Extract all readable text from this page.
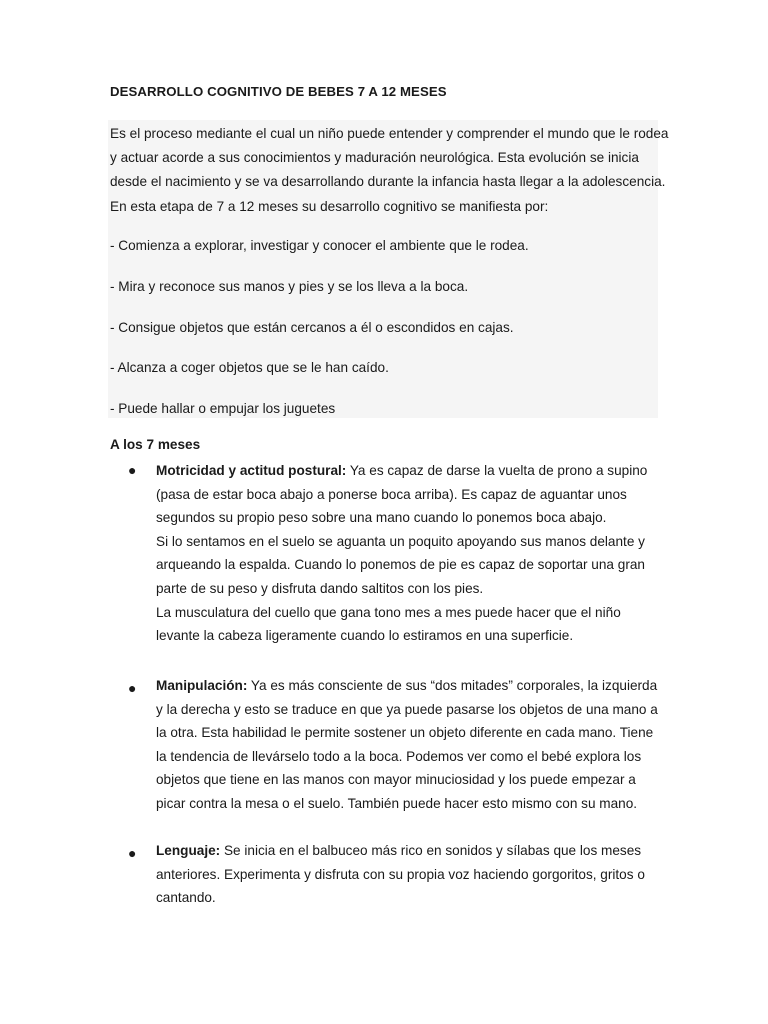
DESARROLLO COGNITIVO DE BEBES 7 A 12 MESES

Es el proceso mediante el cual un niño puede entender y comprender el mundo que le rodea y actuar acorde a sus conocimientos y maduración neurológica. Esta evolución se inicia desde el nacimiento y se va desarrollando durante la infancia hasta llegar a la adolescencia. En esta etapa de 7 a 12 meses su desarrollo cognitivo se manifiesta por:

- Comienza a explorar, investigar y conocer el ambiente que le rodea.

- Mira y reconoce sus manos y pies y se los lleva a la boca.

- Consigue objetos que están cercanos a él o escondidos en cajas.

- Alcanza a coger objetos que se le han caído.

- Puede hallar o empujar los juguetes

A los 7 meses

● Motricidad y actitud postural: Ya es capaz de darse la vuelta de prono a supino (pasa de estar boca abajo a ponerse boca arriba). Es capaz de aguantar unos segundos su propio peso sobre una mano cuando lo ponemos boca abajo.
Si lo sentamos en el suelo se aguanta un poquito apoyando sus manos delante y arqueando la espalda. Cuando lo ponemos de pie es capaz de soportar una gran parte de su peso y disfruta dando saltitos con los pies.
La musculatura del cuello que gana tono mes a mes puede hacer que el niño levante la cabeza ligeramente cuando lo estiramos en una superficie.
● Manipulación: Ya es más consciente de sus “dos mitades” corporales, la izquierda y la derecha y esto se traduce en que ya puede pasarse los objetos de una mano a la otra. Esta habilidad le permite sostener un objeto diferente en cada mano. Tiene la tendencia de llevárselo todo a la boca. Podemos ver como el bebé explora los objetos que tiene en las manos con mayor minuciosidad y los puede empezar a picar contra la mesa o el suelo. También puede hacer esto mismo con su mano.
● Lenguaje: Se inicia en el balbuceo más rico en sonidos y sílabas que los meses anteriores. Experimenta y disfruta con su propia voz haciendo gorgoritos, gritos o cantando.
